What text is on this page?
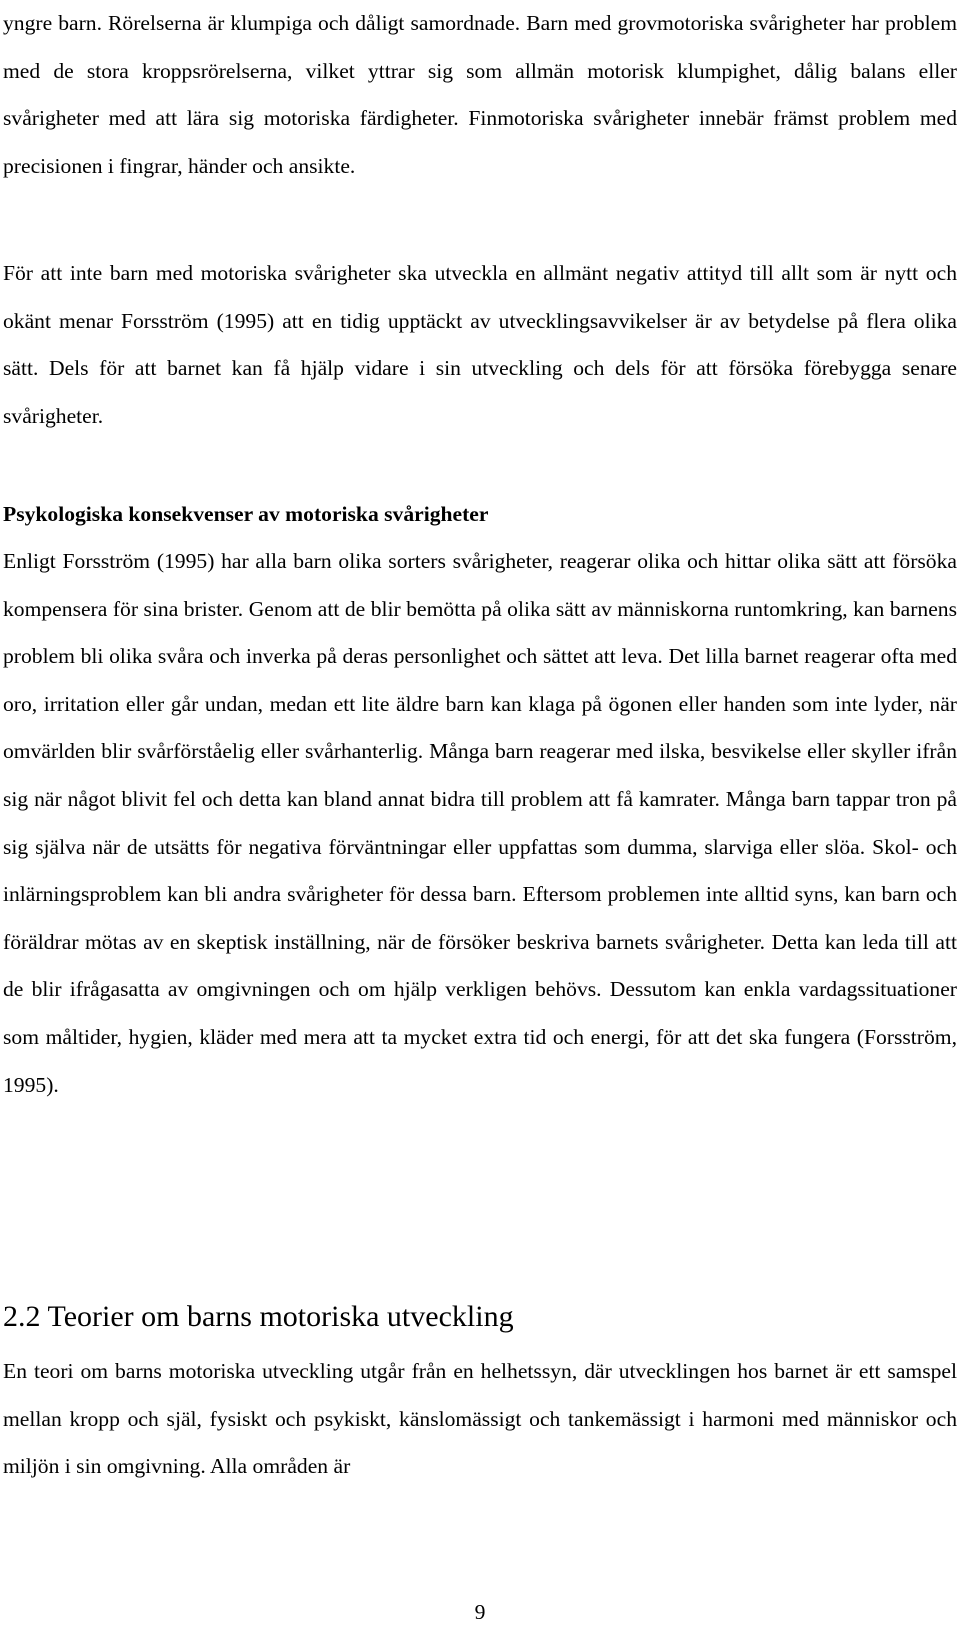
yngre barn. Rörelserna är klumpiga och dåligt samordnade. Barn med grovmotoriska svårigheter har problem med de stora kroppsrörelserna, vilket yttrar sig som allmän motorisk klumpighet, dålig balans eller svårigheter med att lära sig motoriska färdigheter. Finmotoriska svårigheter innebär främst problem med precisionen i fingrar, händer och ansikte.

För att inte barn med motoriska svårigheter ska utveckla en allmänt negativ attityd till allt som är nytt och okänt menar Forsström (1995) att en tidig upptäckt av utvecklingsavvikelser är av betydelse på flera olika sätt. Dels för att barnet kan få hjälp vidare i sin utveckling och dels för att försöka förebygga senare svårigheter.

Psykologiska konsekvenser av motoriska svårigheter

Enligt Forsström (1995) har alla barn olika sorters svårigheter, reagerar olika och hittar olika sätt att försöka kompensera för sina brister. Genom att de blir bemötta på olika sätt av människorna runtomkring, kan barnens problem bli olika svåra och inverka på deras personlighet och sättet att leva. Det lilla barnet reagerar ofta med oro, irritation eller går undan, medan ett lite äldre barn kan klaga på ögonen eller handen som inte lyder, när omvärlden blir svårförståelig eller svårhanterlig. Många barn reagerar med ilska, besvikelse eller skyller ifrån sig när något blivit fel och detta kan bland annat bidra till problem att få kamrater. Många barn tappar tron på sig själva när de utsätts för negativa förväntningar eller uppfattas som dumma, slarviga eller slöa. Skol- och inlärningsproblem kan bli andra svårigheter för dessa barn. Eftersom problemen inte alltid syns, kan barn och föräldrar mötas av en skeptisk inställning, när de försöker beskriva barnets svårigheter. Detta kan leda till att de blir ifrågasatta av omgivningen och om hjälp verkligen behövs. Dessutom kan enkla vardagssituationer som måltider, hygien, kläder med mera att ta mycket extra tid och energi, för att det ska fungera (Forsström, 1995).

2.2 Teorier om barns motoriska utveckling

En teori om barns motoriska utveckling utgår från en helhetssyn, där utvecklingen hos barnet är ett samspel mellan kropp och själ, fysiskt och psykiskt, känslomässigt och tankemässigt i harmoni med människor och miljön i sin omgivning. Alla områden är

9
